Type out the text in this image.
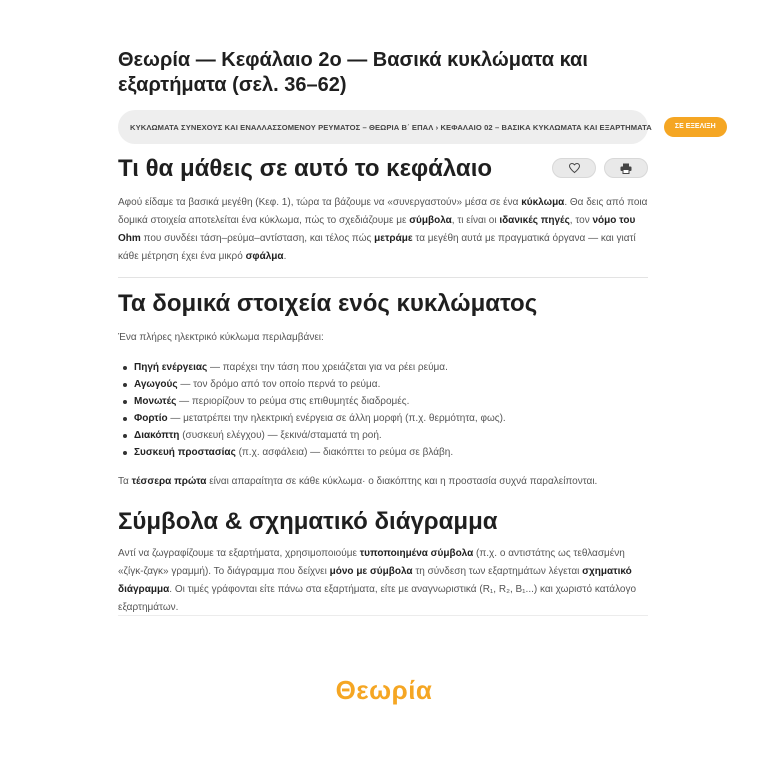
Θεωρία — Κεφάλαιο 2ο — Βασικά κυκλώματα και εξαρτήματα (σελ. 36–62)
ΚΥΚΛΩΜΑΤΑ ΣΥΝΕΧΟΥΣ ΚΑΙ ΕΝΑΛΛΑΣΣΟΜΕΝΟΥ ΡΕΥΜΑΤΟΣ – ΘΕΩΡΙΑ Β΄ ΕΠΑΛ › ΚΕΦΑΛΑΙΟ 02 – ΒΑΣΙΚΑ ΚΥΚΛΩΜΑΤΑ ΚΑΙ ΕΞΑΡΤΗΜΑΤΑ	ΣΕ ΕΞΕΛΙΞΗ
Τι θα μάθεις σε αυτό το κεφάλαιο

Αφού είδαμε τα βασικά μεγέθη (Κεφ. 1), τώρα τα βάζουμε να «συνεργαστούν» μέσα σε ένα κύκλωμα. Θα δεις από ποια δομικά στοιχεία αποτελείται ένα κύκλωμα, πώς το σχεδιάζουμε με σύμβολα, τι είναι οι ιδανικές πηγές, τον νόμο του Ohm που συνδέει τάση–ρεύμα–αντίσταση, και τέλος πώς μετράμε τα μεγέθη αυτά με πραγματικά όργανα — και γιατί κάθε μέτρηση έχει ένα μικρό σφάλμα.

Τα δομικά στοιχεία ενός κυκλώματος

Ένα πλήρες ηλεκτρικό κύκλωμα περιλαμβάνει:

Πηγή ενέργειας — παρέχει την τάση που χρειάζεται για να ρέει ρεύμα.
Αγωγούς — τον δρόμο από τον οποίο περνά το ρεύμα.
Μονωτές — περιορίζουν το ρεύμα στις επιθυμητές διαδρομές.
Φορτίο — μετατρέπει την ηλεκτρική ενέργεια σε άλλη μορφή (π.χ. θερμότητα, φως).
Διακόπτη (συσκευή ελέγχου) — ξεκινά/σταματά τη ροή.
Συσκευή προστασίας (π.χ. ασφάλεια) — διακόπτει το ρεύμα σε βλάβη.

Τα τέσσερα πρώτα είναι απαραίτητα σε κάθε κύκλωμα· ο διακόπτης και η προστασία συχνά παραλείπονται.

Σύμβολα & σχηματικό διάγραμμα

Αντί να ζωγραφίζουμε τα εξαρτήματα, χρησιμοποιούμε τυποποιημένα σύμβολα (π.χ. ο αντιστάτης ως τεθλασμένη «ζίγκ-ζαγκ» γραμμή). Το διάγραμμα που δείχνει μόνο με σύμβολα τη σύνδεση των εξαρτημάτων λέγεται σχηματικό διάγραμμα. Οι τιμές γράφονται είτε πάνω στα εξαρτήματα, είτε με αναγνωριστικά (R₁, R₂, B₁...) και χωριστό κατάλογο εξαρτημάτων.

Θεωρία
